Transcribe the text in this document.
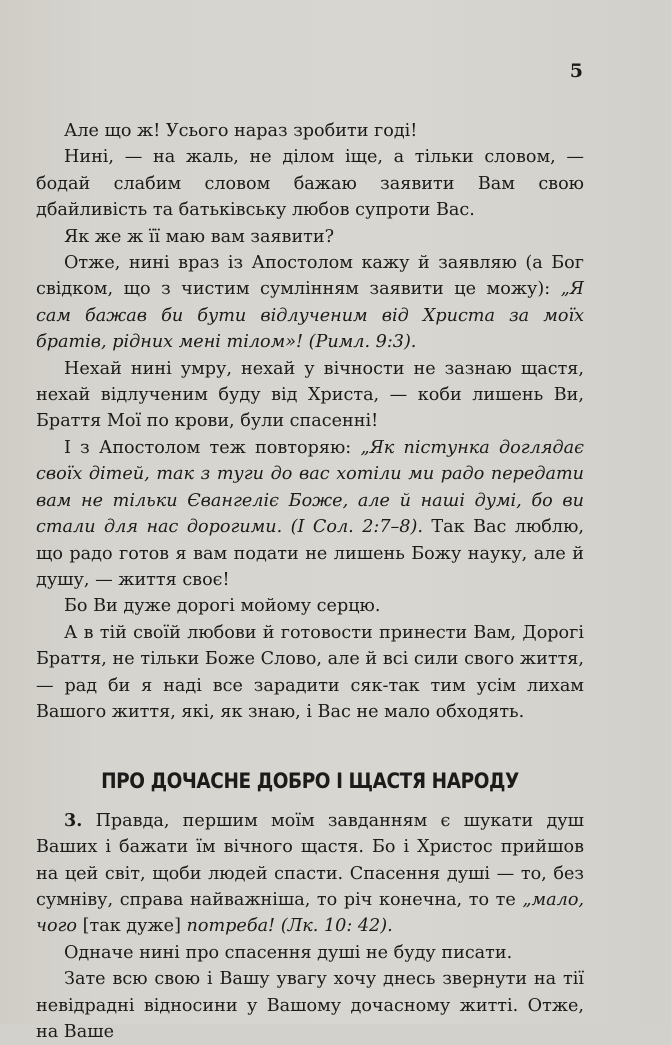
5

Але що ж! Усього нараз зробити годі!

Нині, — на жаль, не ділом іще, а тільки словом, — бодай слабим словом бажаю заявити Вам свою дбайливість та батьківську любов супроти Вас.

Як же ж її маю вам заявити?

Отже, нині враз із Апостолом кажу й заявляю (а Бог свідком, що з чистим сумлінням заявити це можу): „Я сам бажав би бути відлученим від Христа за моїх братів, рідних мені тілом»! (Римл. 9:3).

Нехай нині умру, нехай у вічности не зазнаю щастя, нехай відлученим буду від Христа, — коби лишень Ви, Браття Мої по крови, були спасенні!

І з Апостолом теж повторяю: „Як пістунка доглядає своїх дітей, так з туги до вас хотіли ми радо передати вам не тільки Євангеліє Боже, але й наші думі, бо ви стали для нас дорогими. (І Сол. 2:7–8). Так Вас люблю, що радо готов я вам подати не лишень Божу науку, але й душу, — життя своє!

Бо Ви дуже дорогі мойому серцю.

А в тій своїй любови й готовости принести Вам, Дорогі Браття, не тільки Боже Слово, але й всі сили свого життя, — рад би я наді все зарадити сяк-так тим усім лихам Вашого життя, які, як знаю, і Вас не мало обходять.

ПРО ДОЧАСНЕ ДОБРО І ЩАСТЯ НАРОДУ

3. Правда, першим моїм завданням є шукати душ Ваших і бажати їм вічного щастя. Бо і Христос прийшов на цей світ, щоби людей спасти. Спасення душі — то, без сумніву, справа найважніша, то річ конечна, то те „мало, чого [так дуже] потреба! (Лк. 10: 42).

Одначе нині про спасення душі не буду писати.

Зате всю свою і Вашу увагу хочу днесь звернути на тії невідрадні відносини у Вашому дочасному житті. Отже, на Ваше
